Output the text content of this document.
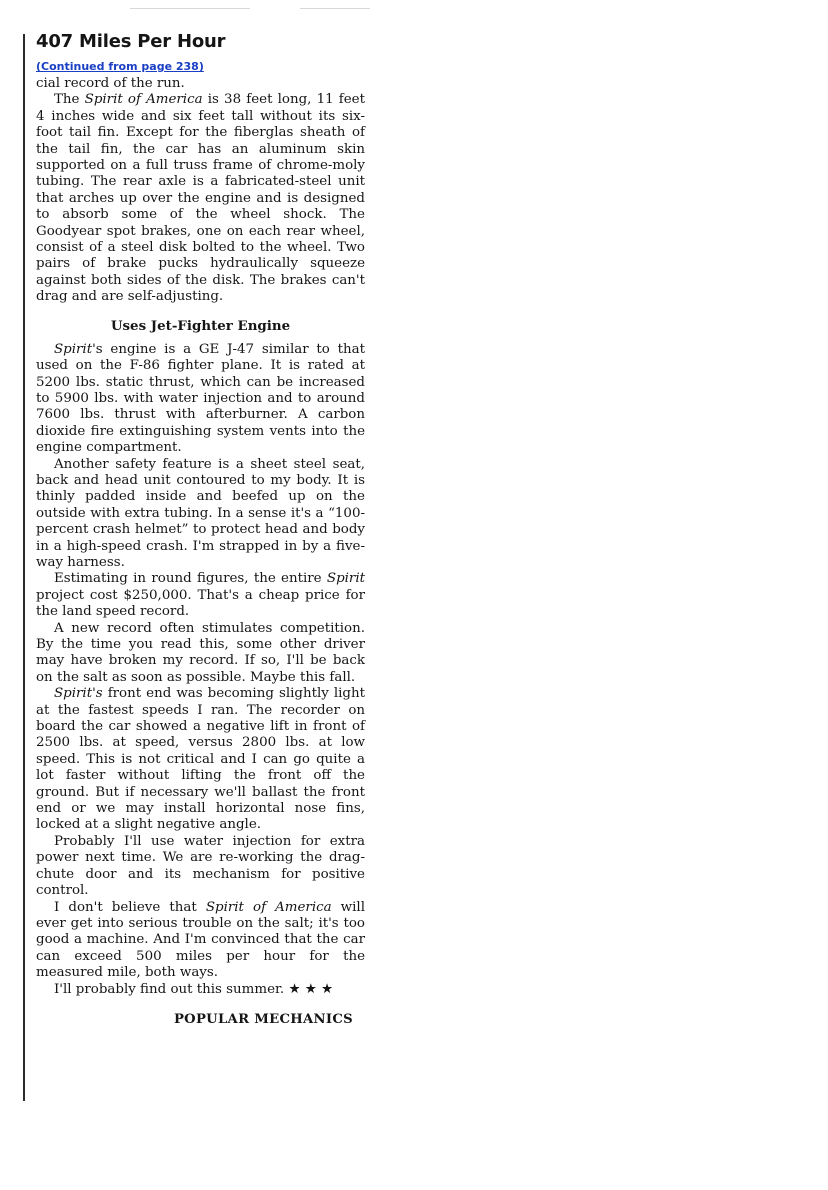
407 Miles Per Hour
(Continued from page 238)

cial record of the run.

The Spirit of America is 38 feet long, 11 feet 4 inches wide and six feet tall without its six-foot tail fin. Except for the fiberglas sheath of the tail fin, the car has an aluminum skin supported on a full truss frame of chrome-moly tubing. The rear axle is a fabricated-steel unit that arches up over the engine and is designed to absorb some of the wheel shock. The Goodyear spot brakes, one on each rear wheel, consist of a steel disk bolted to the wheel. Two pairs of brake pucks hydraulically squeeze against both sides of the disk. The brakes can't drag and are self-adjusting.

Uses Jet-Fighter Engine

Spirit's engine is a GE J-47 similar to that used on the F-86 fighter plane. It is rated at 5200 lbs. static thrust, which can be increased to 5900 lbs. with water injection and to around 7600 lbs. thrust with afterburner. A carbon dioxide fire extinguishing system vents into the engine compartment.

Another safety feature is a sheet steel seat, back and head unit contoured to my body. It is thinly padded inside and beefed up on the outside with extra tubing. In a sense it's a “100-percent crash helmet” to protect head and body in a high-speed crash. I'm strapped in by a five-way harness.

Estimating in round figures, the entire Spirit project cost $250,000. That's a cheap price for the land speed record.

A new record often stimulates competition. By the time you read this, some other driver may have broken my record. If so, I'll be back on the salt as soon as possible. Maybe this fall.

Spirit's front end was becoming slightly light at the fastest speeds I ran. The recorder on board the car showed a negative lift in front of 2500 lbs. at speed, versus 2800 lbs. at low speed. This is not critical and I can go quite a lot faster without lifting the front off the ground. But if necessary we'll ballast the front end or we may install horizontal nose fins, locked at a slight negative angle.

Probably I'll use water injection for extra power next time. We are re-working the drag-chute door and its mechanism for positive control.

I don't believe that Spirit of America will ever get into serious trouble on the salt; it's too good a machine. And I'm convinced that the car can exceed 500 miles per hour for the measured mile, both ways.

I'll probably find out this summer. ★ ★ ★

POPULAR MECHANICS
